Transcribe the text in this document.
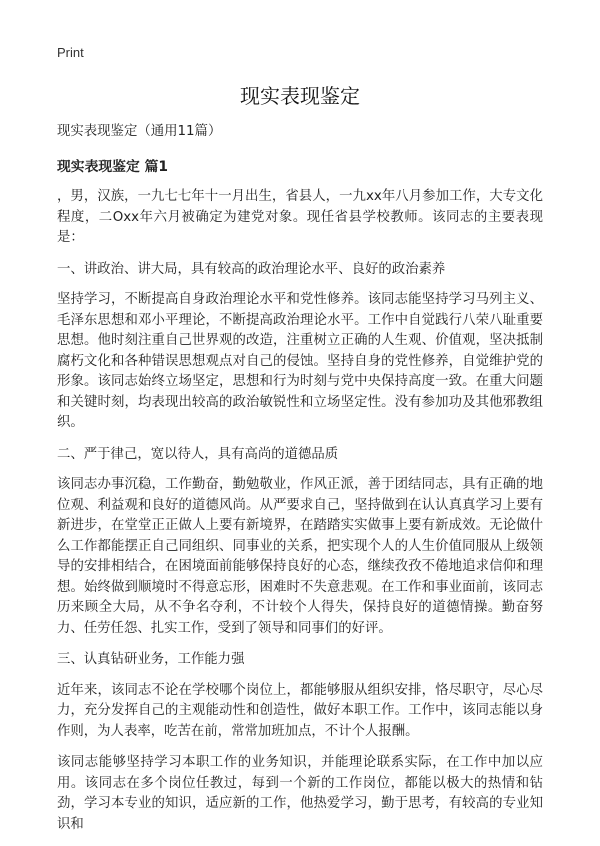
Print
现实表现鉴定

现实表现鉴定（通用11篇）

现实表现鉴定 篇1

，男，汉族，一九七七年十一月出生，省县人，一九xx年八月参加工作，大专文化程度，二Oxx年六月被确定为建党对象。现任省县学校教师。该同志的主要表现是：

一、讲政治、讲大局，具有较高的政治理论水平、良好的政治素养

坚持学习，不断提高自身政治理论水平和党性修养。该同志能坚持学习马列主义、毛泽东思想和邓小平理论，不断提高政治理论水平。工作中自觉践行八荣八耻重要思想。他时刻注重自己世界观的改造，注重树立正确的人生观、价值观，坚决抵制腐朽文化和各种错误思想观点对自己的侵蚀。坚持自身的党性修养，自觉维护党的形象。该同志始终立场坚定，思想和行为时刻与党中央保持高度一致。在重大问题和关键时刻，均表现出较高的政治敏锐性和立场坚定性。没有参加功及其他邪教组织。

二、严于律己，宽以待人，具有高尚的道德品质

该同志办事沉稳，工作勤奋，勤勉敬业，作风正派，善于团结同志，具有正确的地位观、利益观和良好的道德风尚。从严要求自己，坚持做到在认认真真学习上要有新进步，在堂堂正正做人上要有新境界，在踏踏实实做事上要有新成效。无论做什么工作都能摆正自己同组织、同事业的关系，把实现个人的人生价值同服从上级领导的安排相结合，在困境面前能够保持良好的心态，继续孜孜不倦地追求信仰和理想。始终做到顺境时不得意忘形，困难时不失意悲观。在工作和事业面前，该同志历来顾全大局，从不争名夺利，不计较个人得失，保持良好的道德情操。勤奋努力、任劳任怨、扎实工作，受到了领导和同事们的好评。

三、认真钻研业务，工作能力强

近年来，该同志不论在学校哪个岗位上，都能够服从组织安排，恪尽职守，尽心尽力，充分发挥自己的主观能动性和创造性，做好本职工作。工作中，该同志能以身作则，为人表率，吃苦在前，常常加班加点，不计个人报酬。

该同志能够坚持学习本职工作的业务知识，并能理论联系实际，在工作中加以应用。该同志在多个岗位任教过，每到一个新的工作岗位，都能以极大的热情和钻劲，学习本专业的知识，适应新的工作，他热爱学习，勤于思考，有较高的专业知识和
